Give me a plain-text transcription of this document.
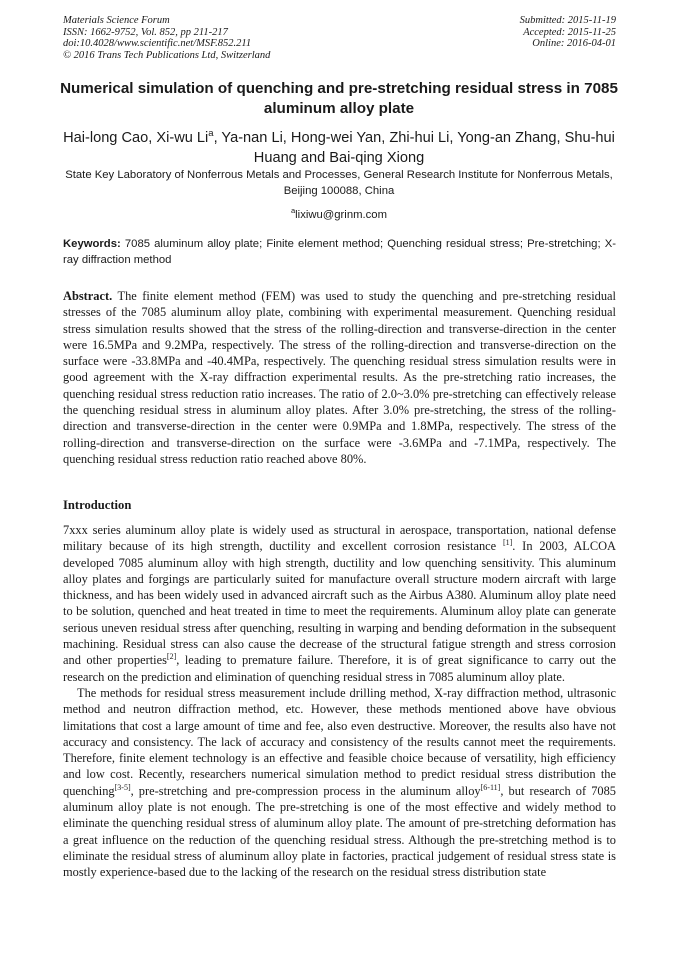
Materials Science Forum
ISSN: 1662-9752, Vol. 852, pp 211-217
doi:10.4028/www.scientific.net/MSF.852.211
© 2016 Trans Tech Publications Ltd, Switzerland
Submitted: 2015-11-19
Accepted: 2015-11-25
Online: 2016-04-01
Numerical simulation of quenching and pre-stretching residual stress in 7085 aluminum alloy plate
Hai-long Cao, Xi-wu Li$^a$, Ya-nan Li, Hong-wei Yan, Zhi-hui Li, Yong-an Zhang, Shu-hui Huang and Bai-qing Xiong
State Key Laboratory of Nonferrous Metals and Processes, General Research Institute for Nonferrous Metals, Beijing 100088, China
$^a$lixiwu@grinm.com
Keywords: 7085 aluminum alloy plate; Finite element method; Quenching residual stress; Pre-stretching; X-ray diffraction method
Abstract. The finite element method (FEM) was used to study the quenching and pre-stretching residual stresses of the 7085 aluminum alloy plate, combining with experimental measurement. Quenching residual stress simulation results showed that the stress of the rolling-direction and transverse-direction in the center were 16.5MPa and 9.2MPa, respectively. The stress of the rolling-direction and transverse-direction on the surface were -33.8MPa and -40.4MPa, respectively. The quenching residual stress simulation results were in good agreement with the X-ray diffraction experimental results. As the pre-stretching ratio increases, the quenching residual stress reduction ratio increases. The ratio of 2.0~3.0% pre-stretching can effectively release the quenching residual stress in aluminum alloy plates. After 3.0% pre-stretching, the stress of the rolling-direction and transverse-direction in the center were 0.9MPa and 1.8MPa, respectively. The stress of the rolling-direction and transverse-direction on the surface were -3.6MPa and -7.1MPa, respectively. The quenching residual stress reduction ratio reached above 80%.
Introduction

7xxx series aluminum alloy plate is widely used as structural in aerospace, transportation, national defense military because of its high strength, ductility and excellent corrosion resistance [1]. In 2003, ALCOA developed 7085 aluminum alloy with high strength, ductility and low quenching sensitivity. This aluminum alloy plates and forgings are particularly suited for manufacture overall structure modern aircraft with large thickness, and has been widely used in advanced aircraft such as the Airbus A380. Aluminum alloy plate need to be solution, quenched and heat treated in time to meet the requirements. Aluminum alloy plate can generate serious uneven residual stress after quenching, resulting in warping and bending deformation in the subsequent machining. Residual stress can also cause the decrease of the structural fatigue strength and stress corrosion and other properties[2], leading to premature failure. Therefore, it is of great significance to carry out the research on the prediction and elimination of quenching residual stress in 7085 aluminum alloy plate.

The methods for residual stress measurement include drilling method, X-ray diffraction method, ultrasonic method and neutron diffraction method, etc. However, these methods mentioned above have obvious limitations that cost a large amount of time and fee, also even destructive. Moreover, the results also have not accuracy and consistency. The lack of accuracy and consistency of the results cannot meet the requirements. Therefore, finite element technology is an effective and feasible choice because of versatility, high efficiency and low cost. Recently, researchers numerical simulation method to predict residual stress distribution the quenching[3-5], pre-stretching and pre-compression process in the aluminum alloy[6-11], but research of 7085 aluminum alloy plate is not enough. The pre-stretching is one of the most effective and widely method to eliminate the quenching residual stress of aluminum alloy plate. The amount of pre-stretching deformation has a great influence on the reduction of the quenching residual stress. Although the pre-stretching method is to eliminate the residual stress of aluminum alloy plate in factories, practical judgement of residual stress state is mostly experience-based due to the lacking of the research on the residual stress distribution state
